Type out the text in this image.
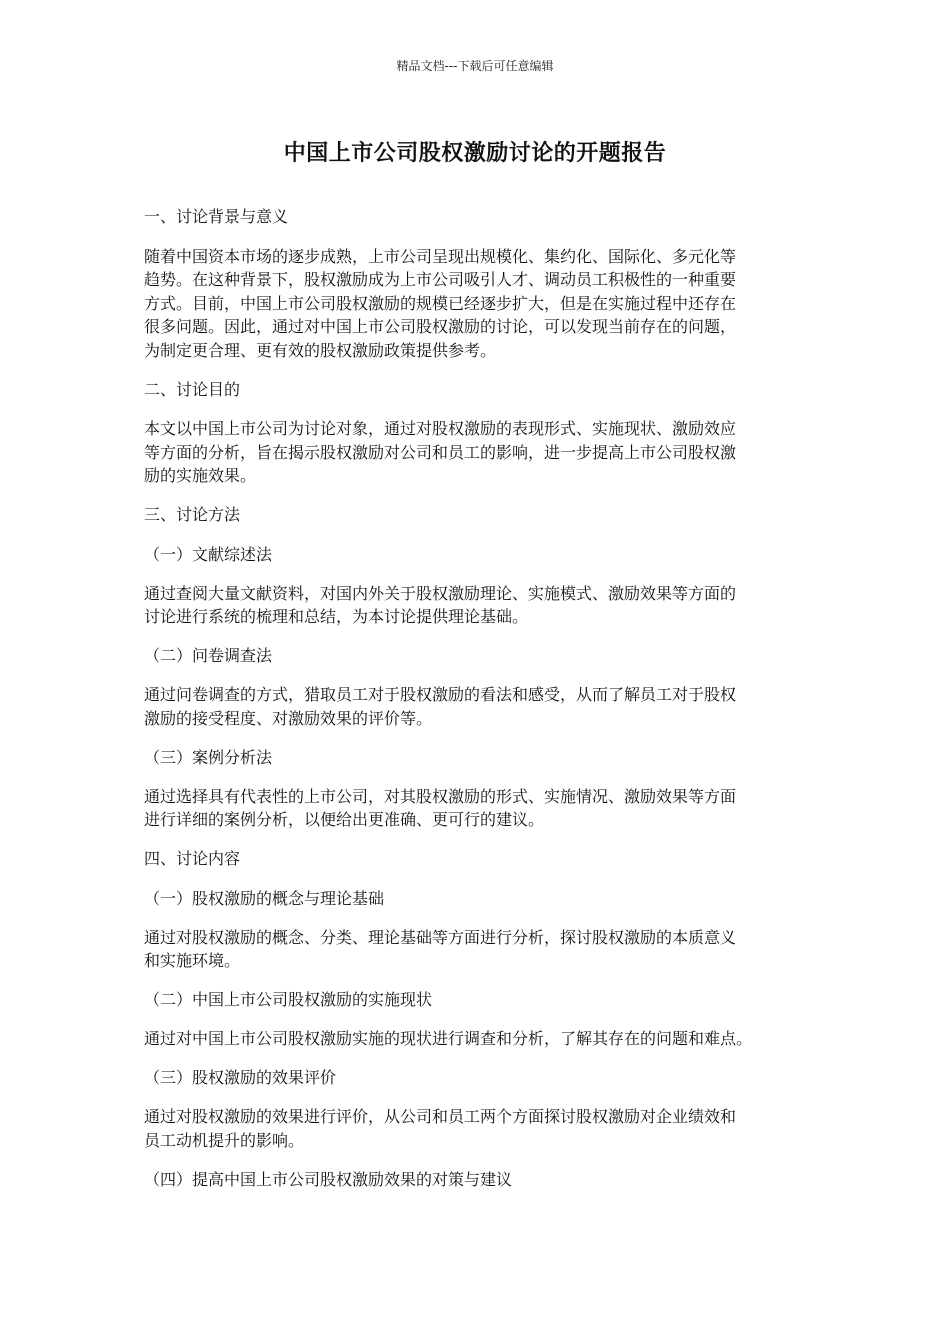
精品文档---下载后可任意编辑
中国上市公司股权激励讨论的开题报告

一、讨论背景与意义

随着中国资本市场的逐步成熟，上市公司呈现出规模化、集约化、国际化、多元化等
趋势。在这种背景下，股权激励成为上市公司吸引人才、调动员工积极性的一种重要
方式。目前，中国上市公司股权激励的规模已经逐步扩大，但是在实施过程中还存在
很多问题。因此，通过对中国上市公司股权激励的讨论，可以发现当前存在的问题，
为制定更合理、更有效的股权激励政策提供参考。

二、讨论目的

本文以中国上市公司为讨论对象，通过对股权激励的表现形式、实施现状、激励效应
等方面的分析，旨在揭示股权激励对公司和员工的影响，进一步提高上市公司股权激
励的实施效果。

三、讨论方法

（一）文献综述法

通过查阅大量文献资料，对国内外关于股权激励理论、实施模式、激励效果等方面的
讨论进行系统的梳理和总结，为本讨论提供理论基础。

（二）问卷调查法

通过问卷调查的方式，猎取员工对于股权激励的看法和感受，从而了解员工对于股权
激励的接受程度、对激励效果的评价等。

（三）案例分析法

通过选择具有代表性的上市公司，对其股权激励的形式、实施情况、激励效果等方面
进行详细的案例分析，以便给出更准确、更可行的建议。

四、讨论内容

（一）股权激励的概念与理论基础

通过对股权激励的概念、分类、理论基础等方面进行分析，探讨股权激励的本质意义
和实施环境。

（二）中国上市公司股权激励的实施现状

通过对中国上市公司股权激励实施的现状进行调查和分析，了解其存在的问题和难点。

（三）股权激励的效果评价

通过对股权激励的效果进行评价，从公司和员工两个方面探讨股权激励对企业绩效和
员工动机提升的影响。

（四）提高中国上市公司股权激励效果的对策与建议
